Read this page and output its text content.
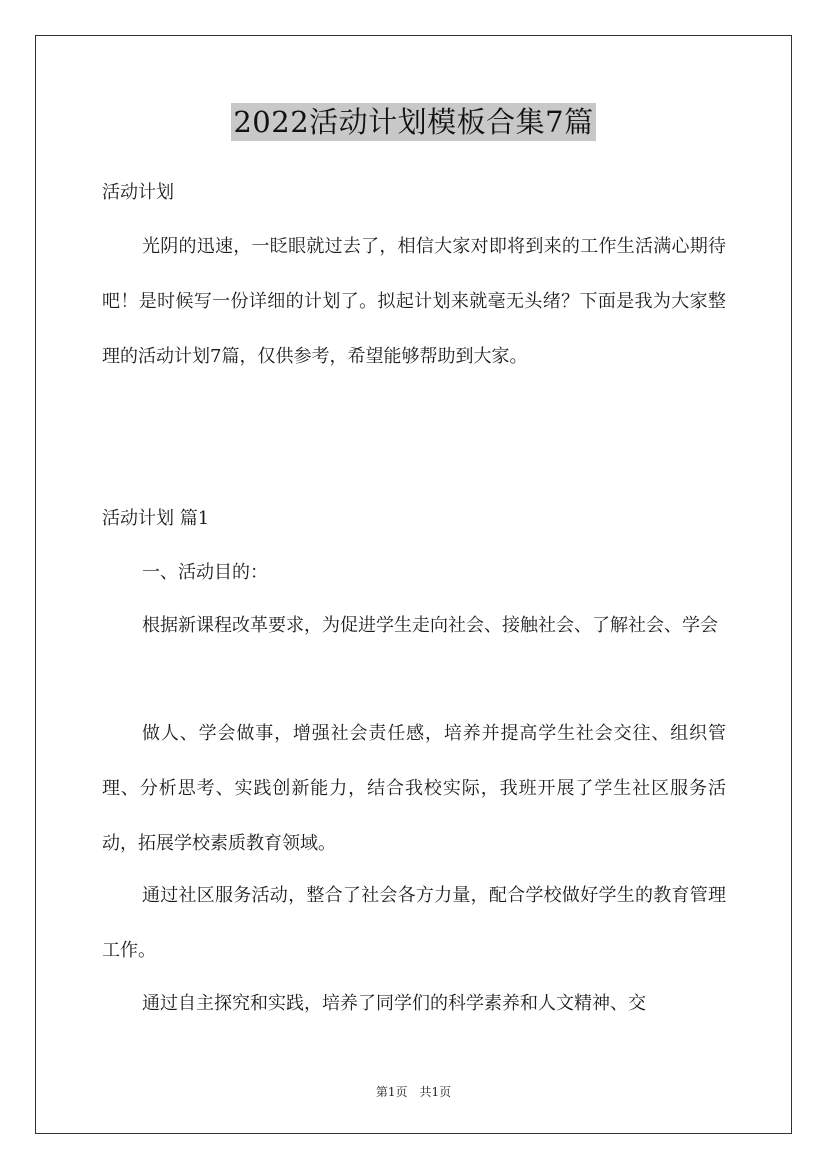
2022活动计划模板合集7篇
活动计划
光阴的迅速，一眨眼就过去了，相信大家对即将到来的工作生活满心期待吧！是时候写一份详细的计划了。拟起计划来就毫无头绪？下面是我为大家整理的活动计划7篇，仅供参考，希望能够帮助到大家。
活动计划 篇1
一、活动目的：
根据新课程改革要求，为促进学生走向社会、接触社会、了解社会、学会
做人、学会做事，增强社会责任感，培养并提高学生社会交往、组织管理、分析思考、实践创新能力，结合我校实际，我班开展了学生社区服务活动，拓展学校素质教育领域。
通过社区服务活动，整合了社会各方力量，配合学校做好学生的教育管理工作。
通过自主探究和实践，培养了同学们的科学素养和人文精神、交
第1页　共1页
